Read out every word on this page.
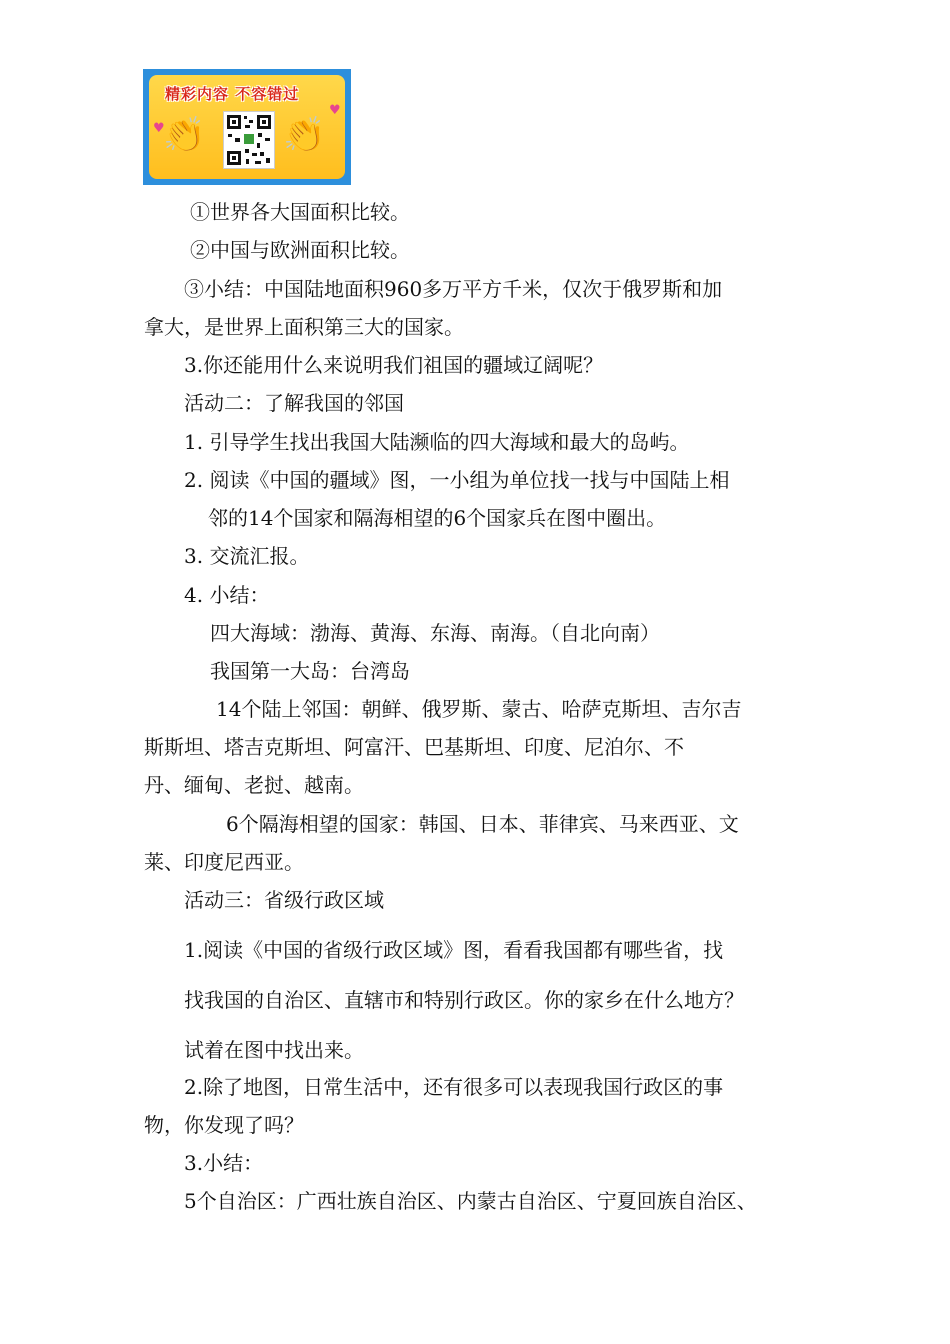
精彩内容 不容错过
♥
♥
👏 👏
①世界各大国面积比较。
②中国与欧洲面积比较。
③小结：中国陆地面积960多万平方千米，仅次于俄罗斯和加
拿大，是世界上面积第三大的国家。
3.你还能用什么来说明我们祖国的疆域辽阔呢？
活动二：了解我国的邻国
1. 引导学生找出我国大陆濒临的四大海域和最大的岛屿。
2. 阅读《中国的疆域》图，一小组为单位找一找与中国陆上相
邻的14个国家和隔海相望的6个国家兵在图中圈出。
3. 交流汇报。
4. 小结：
四大海域：渤海、黄海、东海、南海。（自北向南）
我国第一大岛：台湾岛
14个陆上邻国：朝鲜、俄罗斯、蒙古、哈萨克斯坦、吉尔吉
斯斯坦、塔吉克斯坦、阿富汗、巴基斯坦、印度、尼泊尔、不
丹、缅甸、老挝、越南。
6个隔海相望的国家：韩国、日本、菲律宾、马来西亚、文
莱、印度尼西亚。
活动三：省级行政区域
1.阅读《中国的省级行政区域》图，看看我国都有哪些省，找
找我国的自治区、直辖市和特别行政区。你的家乡在什么地方？
试着在图中找出来。
2.除了地图，日常生活中，还有很多可以表现我国行政区的事
物，你发现了吗？
3.小结：
5个自治区：广西壮族自治区、内蒙古自治区、宁夏回族自治区、
